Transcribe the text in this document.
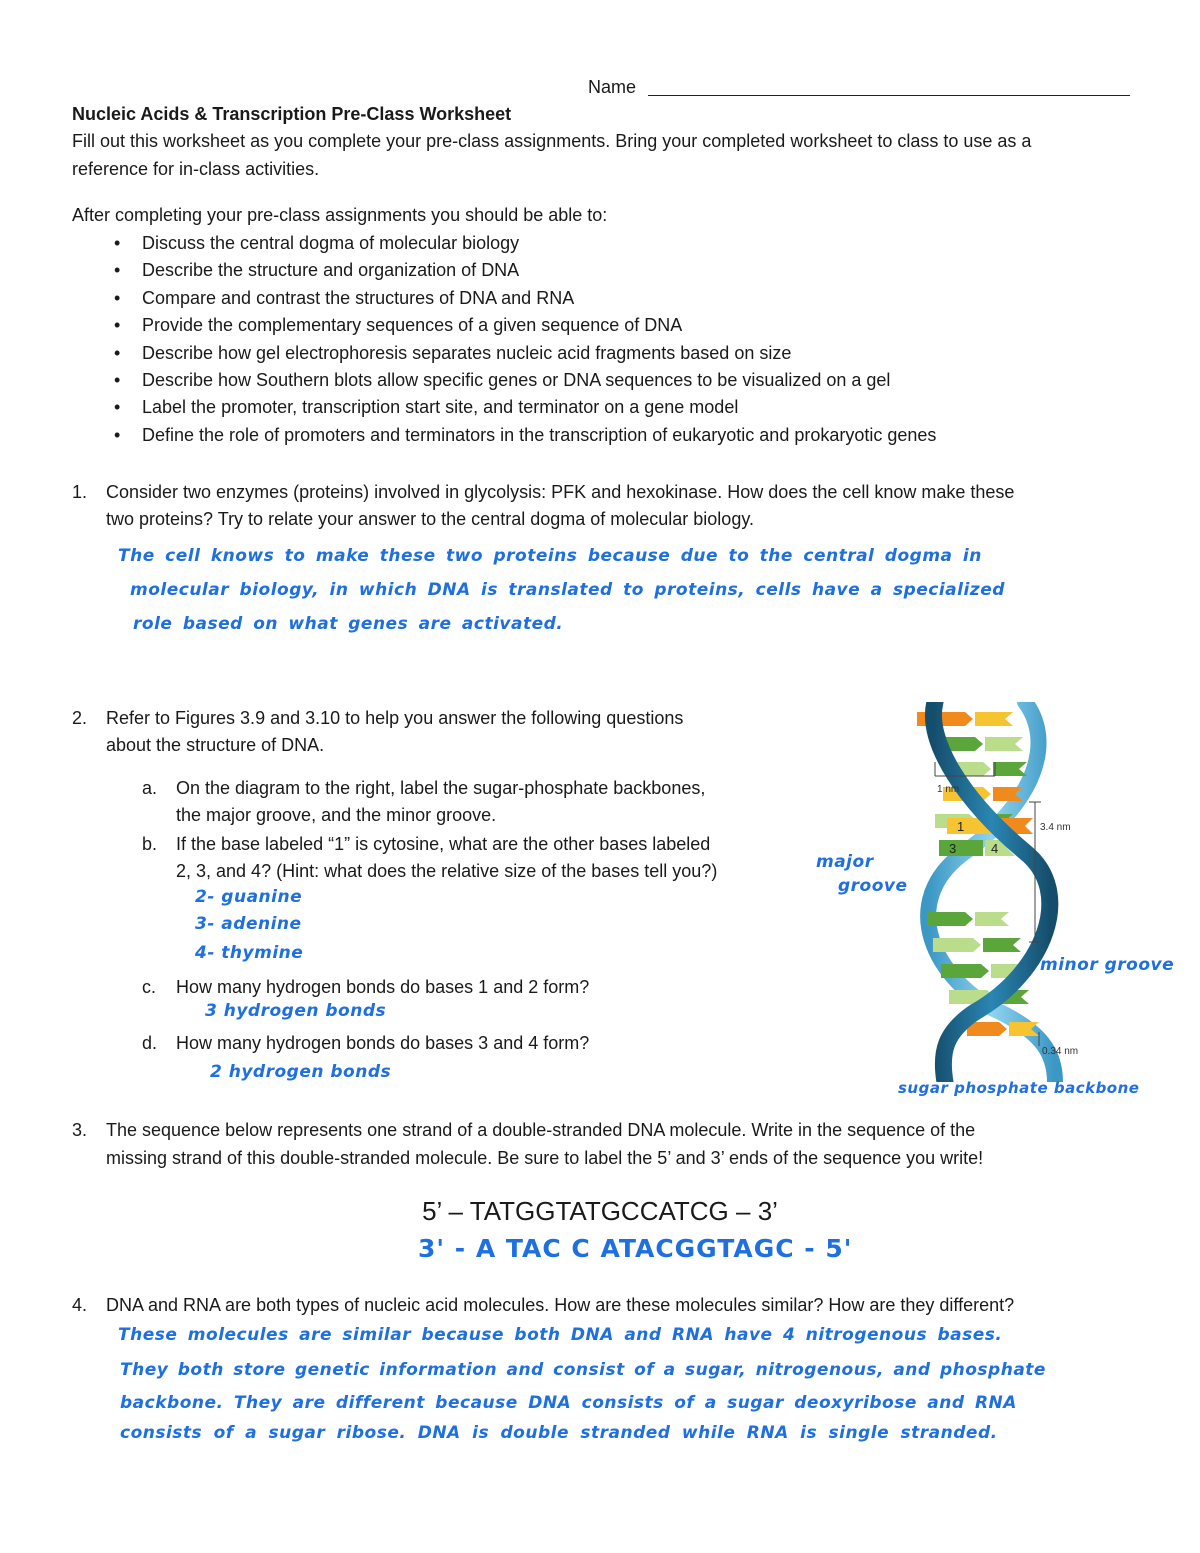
Name
Nucleic Acids & Transcription Pre-Class Worksheet
Fill out this worksheet as you complete your pre-class assignments. Bring your completed worksheet to class to use as a
reference for in-class activities.
After completing your pre-class assignments you should be able to:
• Discuss the central dogma of molecular biology
• Describe the structure and organization of DNA
• Compare and contrast the structures of DNA and RNA
• Provide the complementary sequences of a given sequence of DNA
• Describe how gel electrophoresis separates nucleic acid fragments based on size
• Describe how Southern blots allow specific genes or DNA sequences to be visualized on a gel
• Label the promoter, transcription start site, and terminator on a gene model
• Define the role of promoters and terminators in the transcription of eukaryotic and prokaryotic genes
1. Consider two enzymes (proteins) involved in glycolysis: PFK and hexokinase. How does the cell know make these
two proteins? Try to relate your answer to the central dogma of molecular biology.
The cell knows to make these two proteins because due to the central dogma in
molecular biology, in which DNA is translated to proteins, cells have a specialized
role based on what genes are activated.
2. Refer to Figures 3.9 and 3.10 to help you answer the following questions
about the structure of DNA.
a. On the diagram to the right, label the sugar-phosphate backbones,
the major groove, and the minor groove.
b. If the base labeled “1” is cytosine, what are the other bases labeled
2, 3, and 4? (Hint: what does the relative size of the bases tell you?)
2- guanine
3- adenine
4- thymine
c. How many hydrogen bonds do bases 1 and 2 form?
3 hydrogen bonds
d. How many hydrogen bonds do bases 3 and 4 form?
2 hydrogen bonds
1	2
3	4
1 nm
3.4 nm
0.34 nm
major
groove
minor groove
sugar phosphate backbone
3. The sequence below represents one strand of a double-stranded DNA molecule. Write in the sequence of the
missing strand of this double-stranded molecule. Be sure to label the 5’ and 3’ ends of the sequence you write!
5’ – TATGGTATGCCATCG – 3’
3' - A TAC C ATACGGTAGC - 5'
4. DNA and RNA are both types of nucleic acid molecules. How are these molecules similar? How are they different?
These molecules are similar because both DNA and RNA have 4 nitrogenous bases.
They both store genetic information and consist of a sugar, nitrogenous, and phosphate
backbone. They are different because DNA consists of a sugar deoxyribose and RNA
consists of a sugar ribose. DNA is double stranded while RNA is single stranded.
